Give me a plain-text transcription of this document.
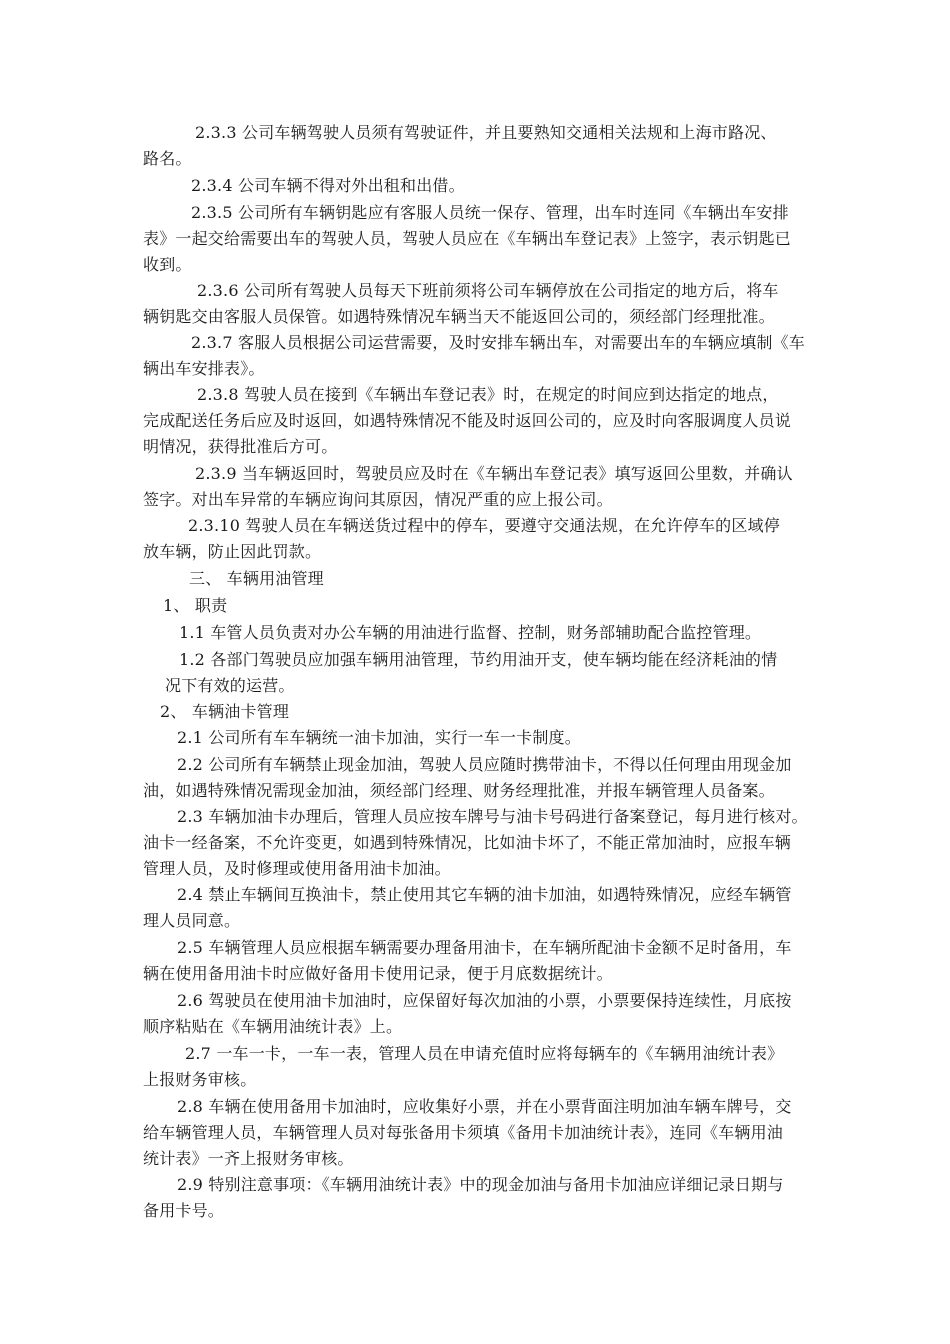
2.3.3 公司车辆驾驶人员须有驾驶证件，并且要熟知交通相关法规和上海市路况、
路名。
2.3.4 公司车辆不得对外出租和出借。
2.3.5 公司所有车辆钥匙应有客服人员统一保存、管理，出车时连同《车辆出车安排
表》一起交给需要出车的驾驶人员，驾驶人员应在《车辆出车登记表》上签字，表示钥匙已
收到。
2.3.6 公司所有驾驶人员每天下班前须将公司车辆停放在公司指定的地方后，将车
辆钥匙交由客服人员保管。如遇特殊情况车辆当天不能返回公司的，须经部门经理批准。
2.3.7 客服人员根据公司运营需要，及时安排车辆出车，对需要出车的车辆应填制《车
辆出车安排表》。
2.3.8 驾驶人员在接到《车辆出车登记表》时，在规定的时间应到达指定的地点，
完成配送任务后应及时返回，如遇特殊情况不能及时返回公司的，应及时向客服调度人员说
明情况，获得批准后方可。
2.3.9 当车辆返回时，驾驶员应及时在《车辆出车登记表》填写返回公里数，并确认
签字。对出车异常的车辆应询问其原因，情况严重的应上报公司。
2.3.10 驾驶人员在车辆送货过程中的停车，要遵守交通法规，在允许停车的区域停
放车辆，防止因此罚款。
三、 车辆用油管理
1、 职责
1.1 车管人员负责对办公车辆的用油进行监督、控制，财务部辅助配合监控管理。
1.2 各部门驾驶员应加强车辆用油管理，节约用油开支，使车辆均能在经济耗油的情
况下有效的运营。
2、 车辆油卡管理
2.1 公司所有车车辆统一油卡加油，实行一车一卡制度。
2.2 公司所有车辆禁止现金加油，驾驶人员应随时携带油卡，不得以任何理由用现金加
油，如遇特殊情况需现金加油，须经部门经理、财务经理批准，并报车辆管理人员备案。
2.3 车辆加油卡办理后，管理人员应按车牌号与油卡号码进行备案登记，每月进行核对。
油卡一经备案，不允许变更，如遇到特殊情况，比如油卡坏了，不能正常加油时，应报车辆
管理人员，及时修理或使用备用油卡加油。
2.4 禁止车辆间互换油卡，禁止使用其它车辆的油卡加油，如遇特殊情况，应经车辆管
理人员同意。
2.5 车辆管理人员应根据车辆需要办理备用油卡，在车辆所配油卡金额不足时备用，车
辆在使用备用油卡时应做好备用卡使用记录，便于月底数据统计。
2.6 驾驶员在使用油卡加油时，应保留好每次加油的小票，小票要保持连续性，月底按
顺序粘贴在《车辆用油统计表》上。
2.7 一车一卡，一车一表，管理人员在申请充值时应将每辆车的《车辆用油统计表》
上报财务审核。
2.8 车辆在使用备用卡加油时，应收集好小票，并在小票背面注明加油车辆车牌号，交
给车辆管理人员，车辆管理人员对每张备用卡须填《备用卡加油统计表》，连同《车辆用油
统计表》一齐上报财务审核。
2.9 特别注意事项：《车辆用油统计表》中的现金加油与备用卡加油应详细记录日期与
备用卡号。
